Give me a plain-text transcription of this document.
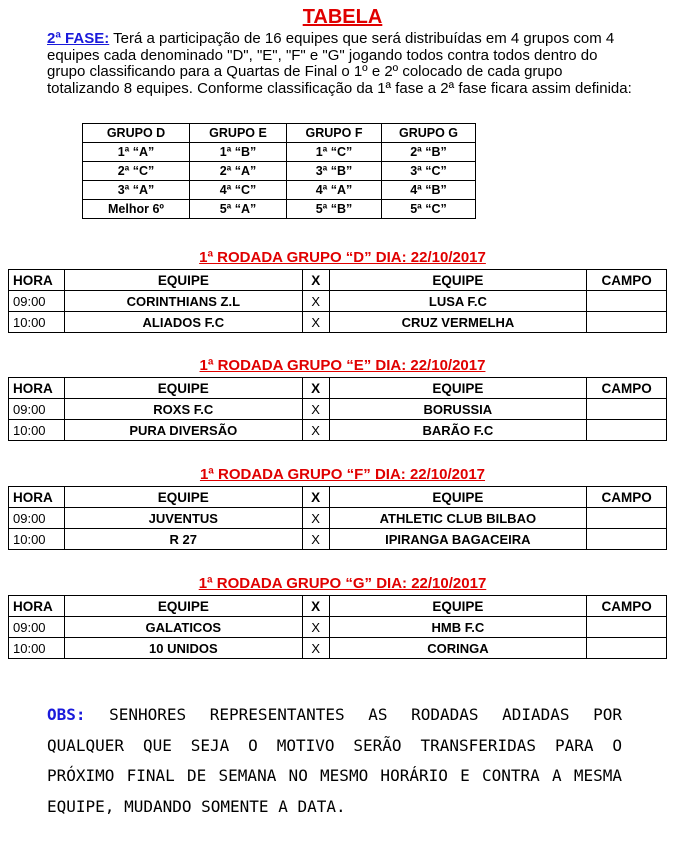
TABELA
2ª FASE: Terá a participação de 16 equipes que será distribuídas em 4 grupos com 4 equipes cada denominado "D", "E", "F" e "G" jogando todos contra todos dentro do grupo classificando para a Quartas de Final o 1º e 2º colocado de cada grupo totalizando 8 equipes. Conforme classificação da 1ª fase a 2ª fase ficara assim definida:
GRUPO D	GRUPO E	GRUPO F	GRUPO G
1ª “A”	1ª “B”	1ª “C”	2ª “B”
2ª “C”	2ª “A”	3ª “B”	3ª “C”
3ª “A”	4ª “C”	4ª “A”	4ª “B”
Melhor 6º	5ª “A”	5ª “B”	5ª “C”
1ª RODADA GRUPO “D” DIA: 22/10/2017
HORA	EQUIPE	X	EQUIPE	CAMPO
09:00	CORINTHIANS Z.L	X	LUSA F.C	
10:00	ALIADOS F.C	X	CRUZ VERMELHA	
1ª RODADA GRUPO “E” DIA: 22/10/2017
HORA	EQUIPE	X	EQUIPE	CAMPO
09:00	ROXS F.C	X	BORUSSIA	
10:00	PURA DIVERSÃO	X	BARÃO F.C	
1ª RODADA GRUPO “F” DIA: 22/10/2017
HORA	EQUIPE	X	EQUIPE	CAMPO
09:00	JUVENTUS	X	ATHLETIC CLUB BILBAO	
10:00	R 27	X	IPIRANGA BAGACEIRA	
1ª RODADA GRUPO “G” DIA: 22/10/2017
HORA	EQUIPE	X	EQUIPE	CAMPO
09:00	GALATICOS	X	HMB F.C	
10:00	10 UNIDOS	X	CORINGA	
OBS: SENHORES REPRESENTANTES AS RODADAS ADIADAS POR QUALQUER QUE SEJA O MOTIVO SERÃO TRANSFERIDAS PARA O PRÓXIMO FINAL DE SEMANA NO MESMO HORÁRIO E CONTRA A MESMA EQUIPE, MUDANDO SOMENTE A DATA.
